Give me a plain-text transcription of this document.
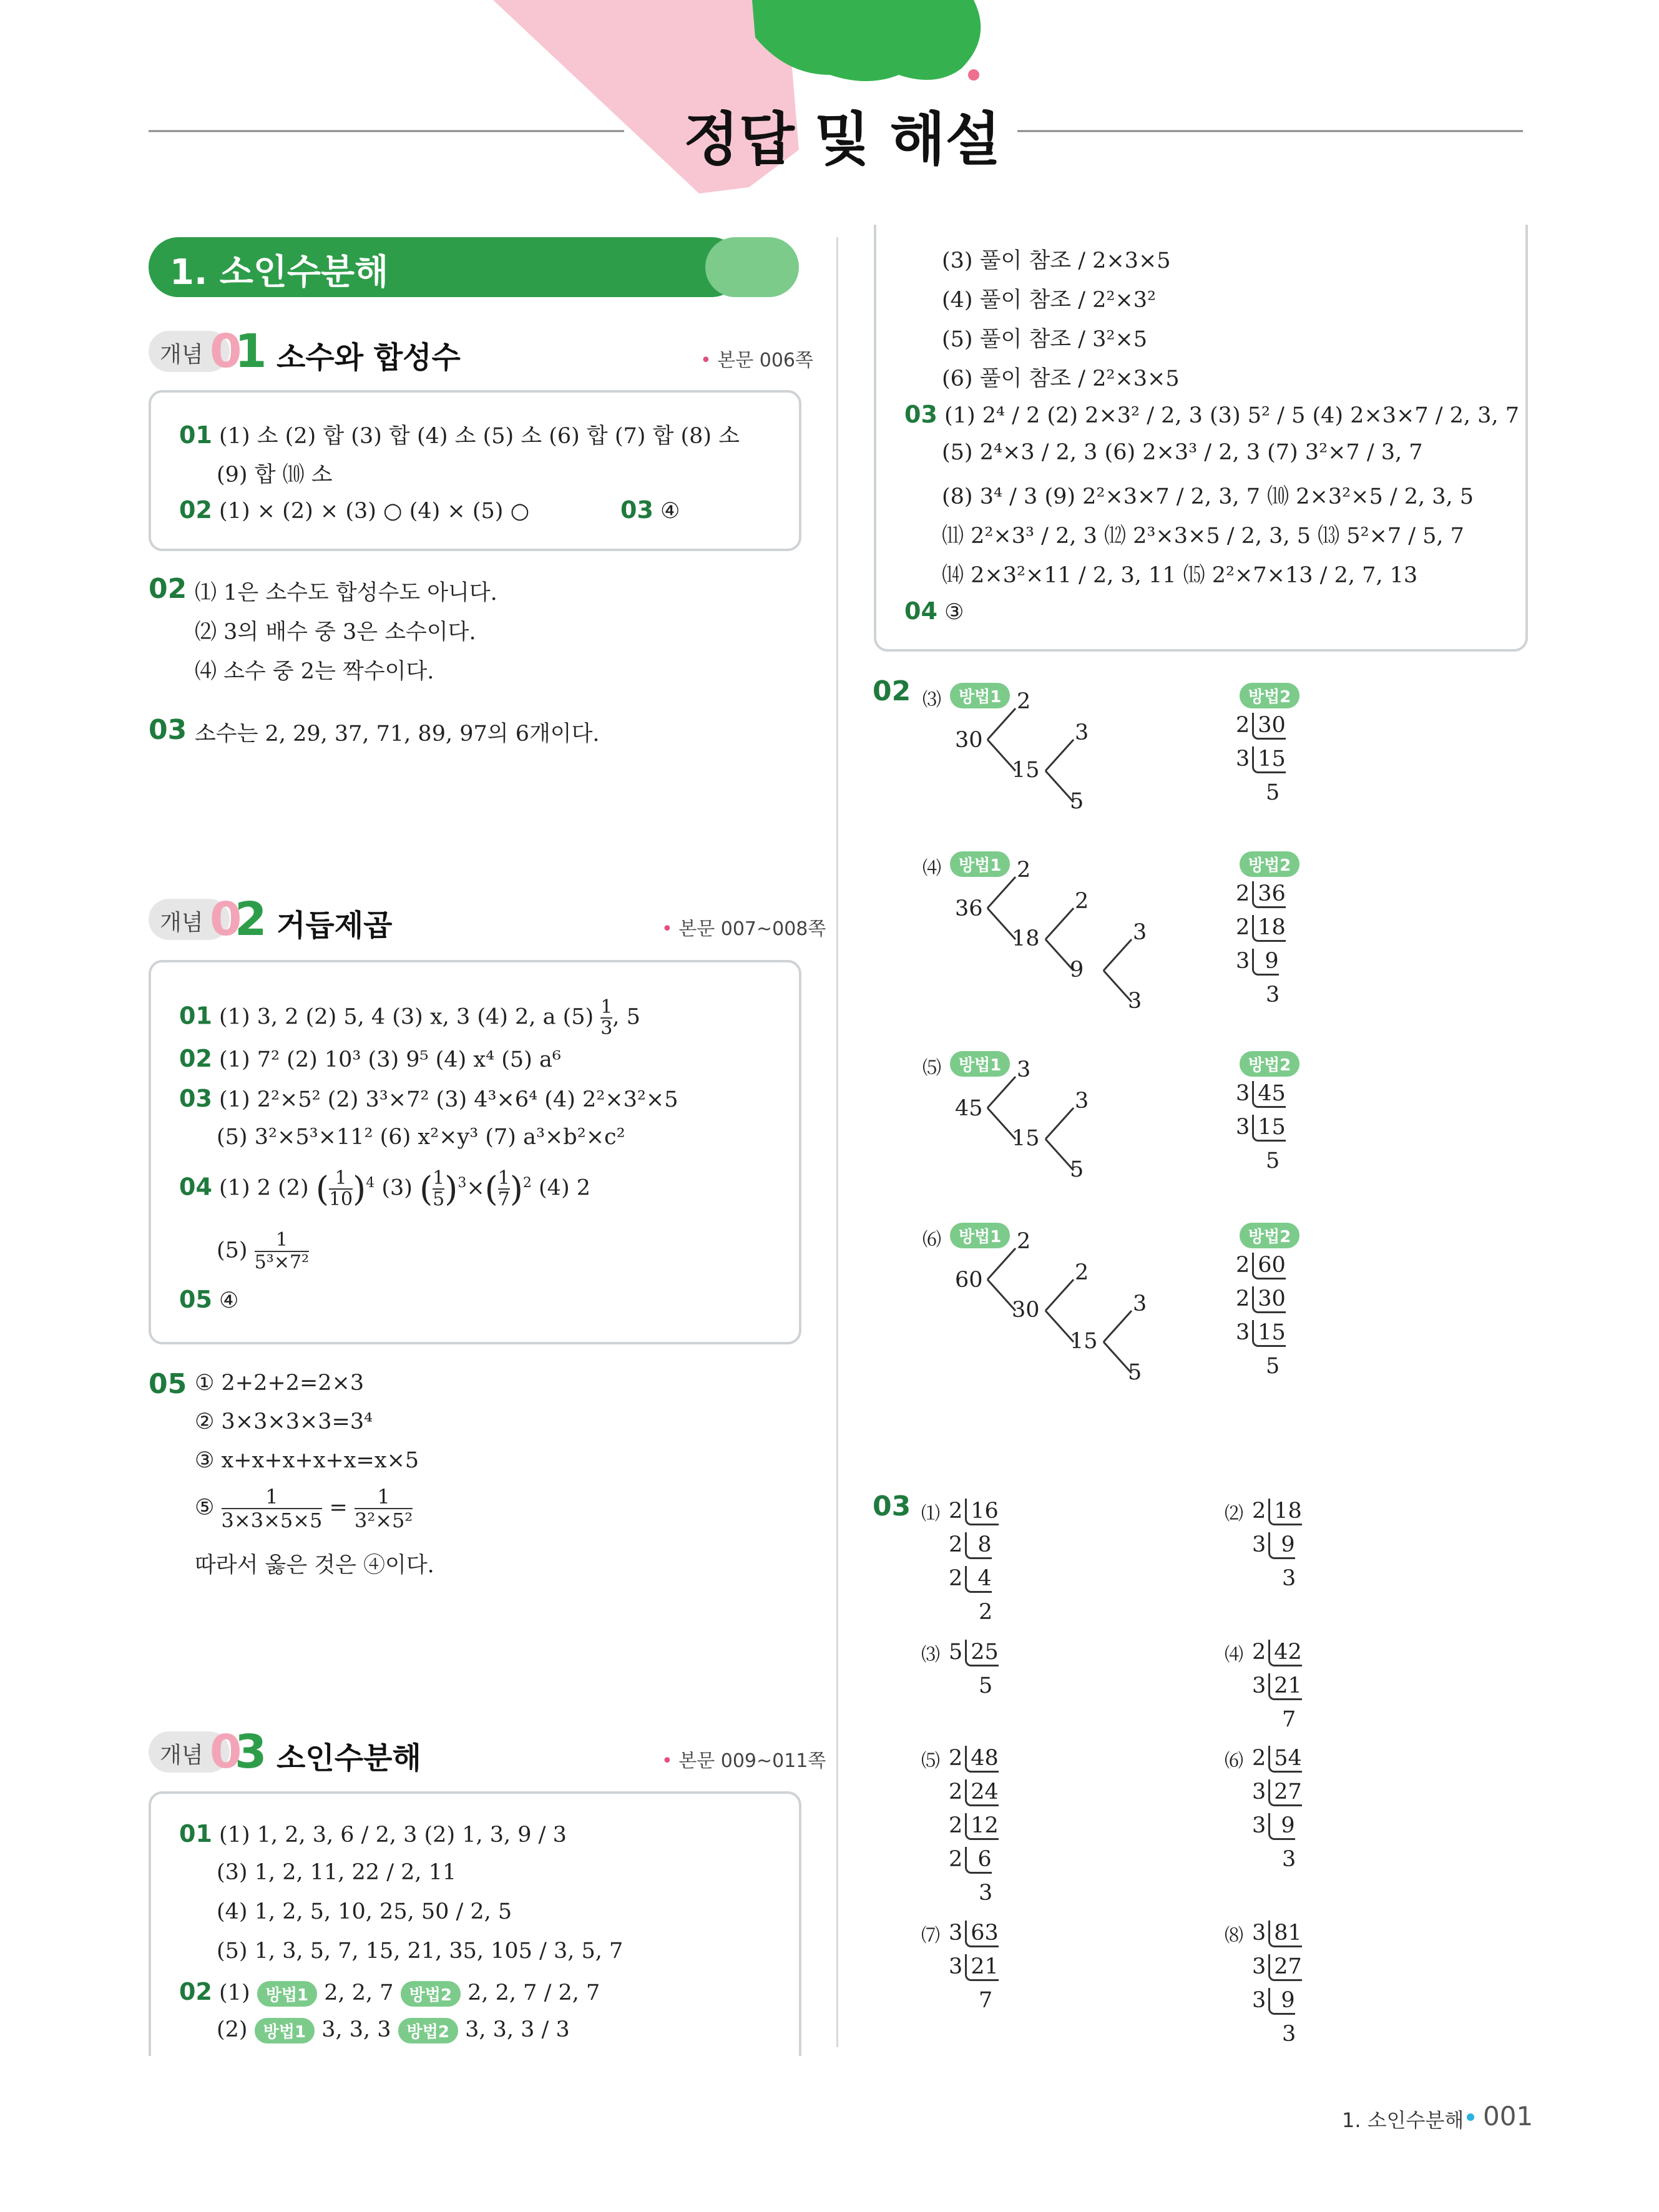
정답 및 해설
1. 소인수분해
개념 0
1 소수와 합성수	• 본문 006쪽
01 (1) 소 (2) 합 (3) 합 (4) 소 (5) 소 (6) 합 (7) 합 (8) 소
(9) 합 ⑽ 소
02 (1) × (2) × (3) ○ (4) × (5) ○	03 ④
02 ⑴ 1은 소수도 합성수도 아니다.
⑵ 3의 배수 중 3은 소수이다.
⑷ 소수 중 2는 짝수이다.
03 소수는 2, 29, 37, 71, 89, 97의 6개이다.
개념 0
2 거듭제곱	• 본문 007~008쪽
01 (1) 3, 2 (2) 5, 4 (3) x, 3 (4) 2, a $(5) \frac{1}{3}$ , 5
02 (1) 7² (2) 10³ (3) 9⁵ (4) x⁴ (5) a⁶
03 (1) 2²×5² (2) 3³×7² (3) 4³×6⁴ (4) 2²×3²×5
(5) 3²×5³×11² (6) x²×y³ (7) a³×b²×c²
04 (1) 2 (2) ( $\frac{1}{10} )^4$ (3) ( $\frac{1}{5} )^3\times( \frac{1}{7} )^2$ (4) 2
$(5) \frac{1}{\text{5³×7²}}$
05 ④
05 ① 2+2+2=2×3
② 3×3×3×3=3⁴
③ x+x+x+x+x=x×5
⑤ $\frac{1}{3\times 3\times 5\times 5} = \frac{1}{\text{3²×5²}}$
따라서 옳은 것은 ④이다.
개념 0
3 소인수분해	• 본문 009~011쪽
01 (1) 1, 2, 3, 6 / 2, 3 (2) 1, 3, 9 / 3
(3) 1, 2, 11, 22 / 2, 11
(4) 1, 2, 5, 10, 25, 50 / 2, 5
(5) 1, 3, 5, 7, 15, 21, 35, 105 / 3, 5, 7
02 (1) 방법1 2, 2, 7 방법2 2, 2, 7 / 2, 7
(2) 방법1 3, 3, 3 방법2 3, 3, 3 / 3
(3) 풀이 참조 / 2×3×5
(4) 풀이 참조 / 2²×3²
(5) 풀이 참조 / 3²×5
(6) 풀이 참조 / 2²×3×5
03 (1) 2⁴ / 2 (2) 2×3² / 2, 3 (3) 5² / 5 (4) 2×3×7 / 2, 3, 7
(5) 2⁴×3 / 2, 3 (6) 2×3³ / 2, 3 (7) 3²×7 / 3, 7
(8) 3⁴ / 3 (9) 2²×3×7 / 2, 3, 7 ⑽ 2×3²×5 / 2, 3, 5
⑾ 2²×3³ / 2, 3 ⑿ 2³×3×5 / 2, 3, 5 ⒀ 5²×7 / 5, 7
⒁ 2×3²×11 / 2, 3, 11 ⒂ 2²×7×13 / 2, 7, 13
04 ③
02 ⑶	방법1	방법2
30
2
15
3
5
2 30
3 15
5
⑷	방법1	방법2
36
2
18
2
9
3
3
2 36
2 18
3 9
3
⑸	방법1	방법2
45
3
15
3
5
3 45
3 15
5
⑹	방법1	방법2
60
2
30
2
15
3
5
2 60
2 30
3 15
5
03 ⑴ 2 16
2 8
2 4
2
⑵ 2 18
3 9
3
⑶ 5 25
5
⑷ 2 42
3 21
7
⑸ 2 48
2 24
2 12
2 6
3
⑹ 2 54
3 27
3 9
3
⑺ 3 63
3 21
7
⑻ 3 81
3 27
3 9
3
1. 소인수분해 001
